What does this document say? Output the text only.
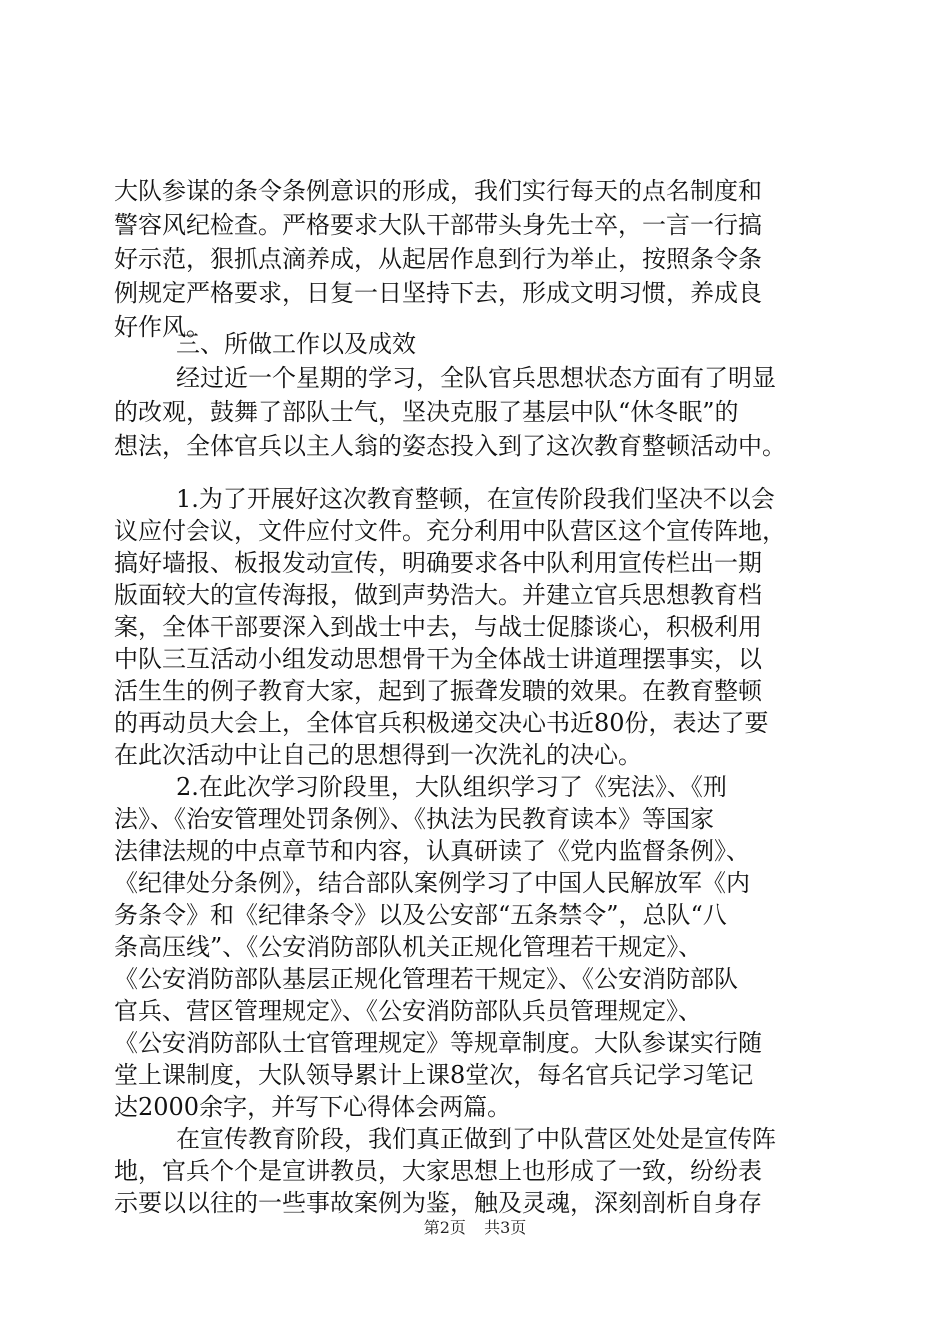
大队参谋的条令条例意识的形成，我们实行每天的点名制度和
警容风纪检查。严格要求大队干部带头身先士卒，一言一行搞
好示范，狠抓点滴养成，从起居作息到行为举止，按照条令条
例规定严格要求，日复一日坚持下去，形成文明习惯，养成良
好作风。
三、所做工作以及成效
经过近一个星期的学习，全队官兵思想状态方面有了明显
的改观，鼓舞了部队士气，坚决克服了基层中队“休冬眠”的
想法，全体官兵以主人翁的姿态投入到了这次教育整顿活动中。
1.为了开展好这次教育整顿，在宣传阶段我们坚决不以会
议应付会议，文件应付文件。充分利用中队营区这个宣传阵地，
搞好墙报、板报发动宣传，明确要求各中队利用宣传栏出一期
版面较大的宣传海报，做到声势浩大。并建立官兵思想教育档
案，全体干部要深入到战士中去，与战士促膝谈心，积极利用
中队三互活动小组发动思想骨干为全体战士讲道理摆事实，以
活生生的例子教育大家，起到了振聋发聩的效果。在教育整顿
的再动员大会上，全体官兵积极递交决心书近80份，表达了要
在此次活动中让自己的思想得到一次洗礼的决心。
2.在此次学习阶段里，大队组织学习了《宪法》、《刑
法》、《治安管理处罚条例》、《执法为民教育读本》等国家
法律法规的中点章节和内容，认真研读了《党内监督条例》、
《纪律处分条例》，结合部队案例学习了中国人民解放军《内
务条令》和《纪律条令》以及公安部“五条禁令”，总队“八
条高压线”、《公安消防部队机关正规化管理若干规定》、
《公安消防部队基层正规化管理若干规定》、《公安消防部队
官兵、营区管理规定》、《公安消防部队兵员管理规定》、
《公安消防部队士官管理规定》等规章制度。大队参谋实行随
堂上课制度，大队领导累计上课8堂次，每名官兵记学习笔记
达2000余字，并写下心得体会两篇。
在宣传教育阶段，我们真正做到了中队营区处处是宣传阵
地，官兵个个是宣讲教员，大家思想上也形成了一致，纷纷表
示要以以往的一些事故案例为鉴，触及灵魂，深刻剖析自身存
第2页 共3页
